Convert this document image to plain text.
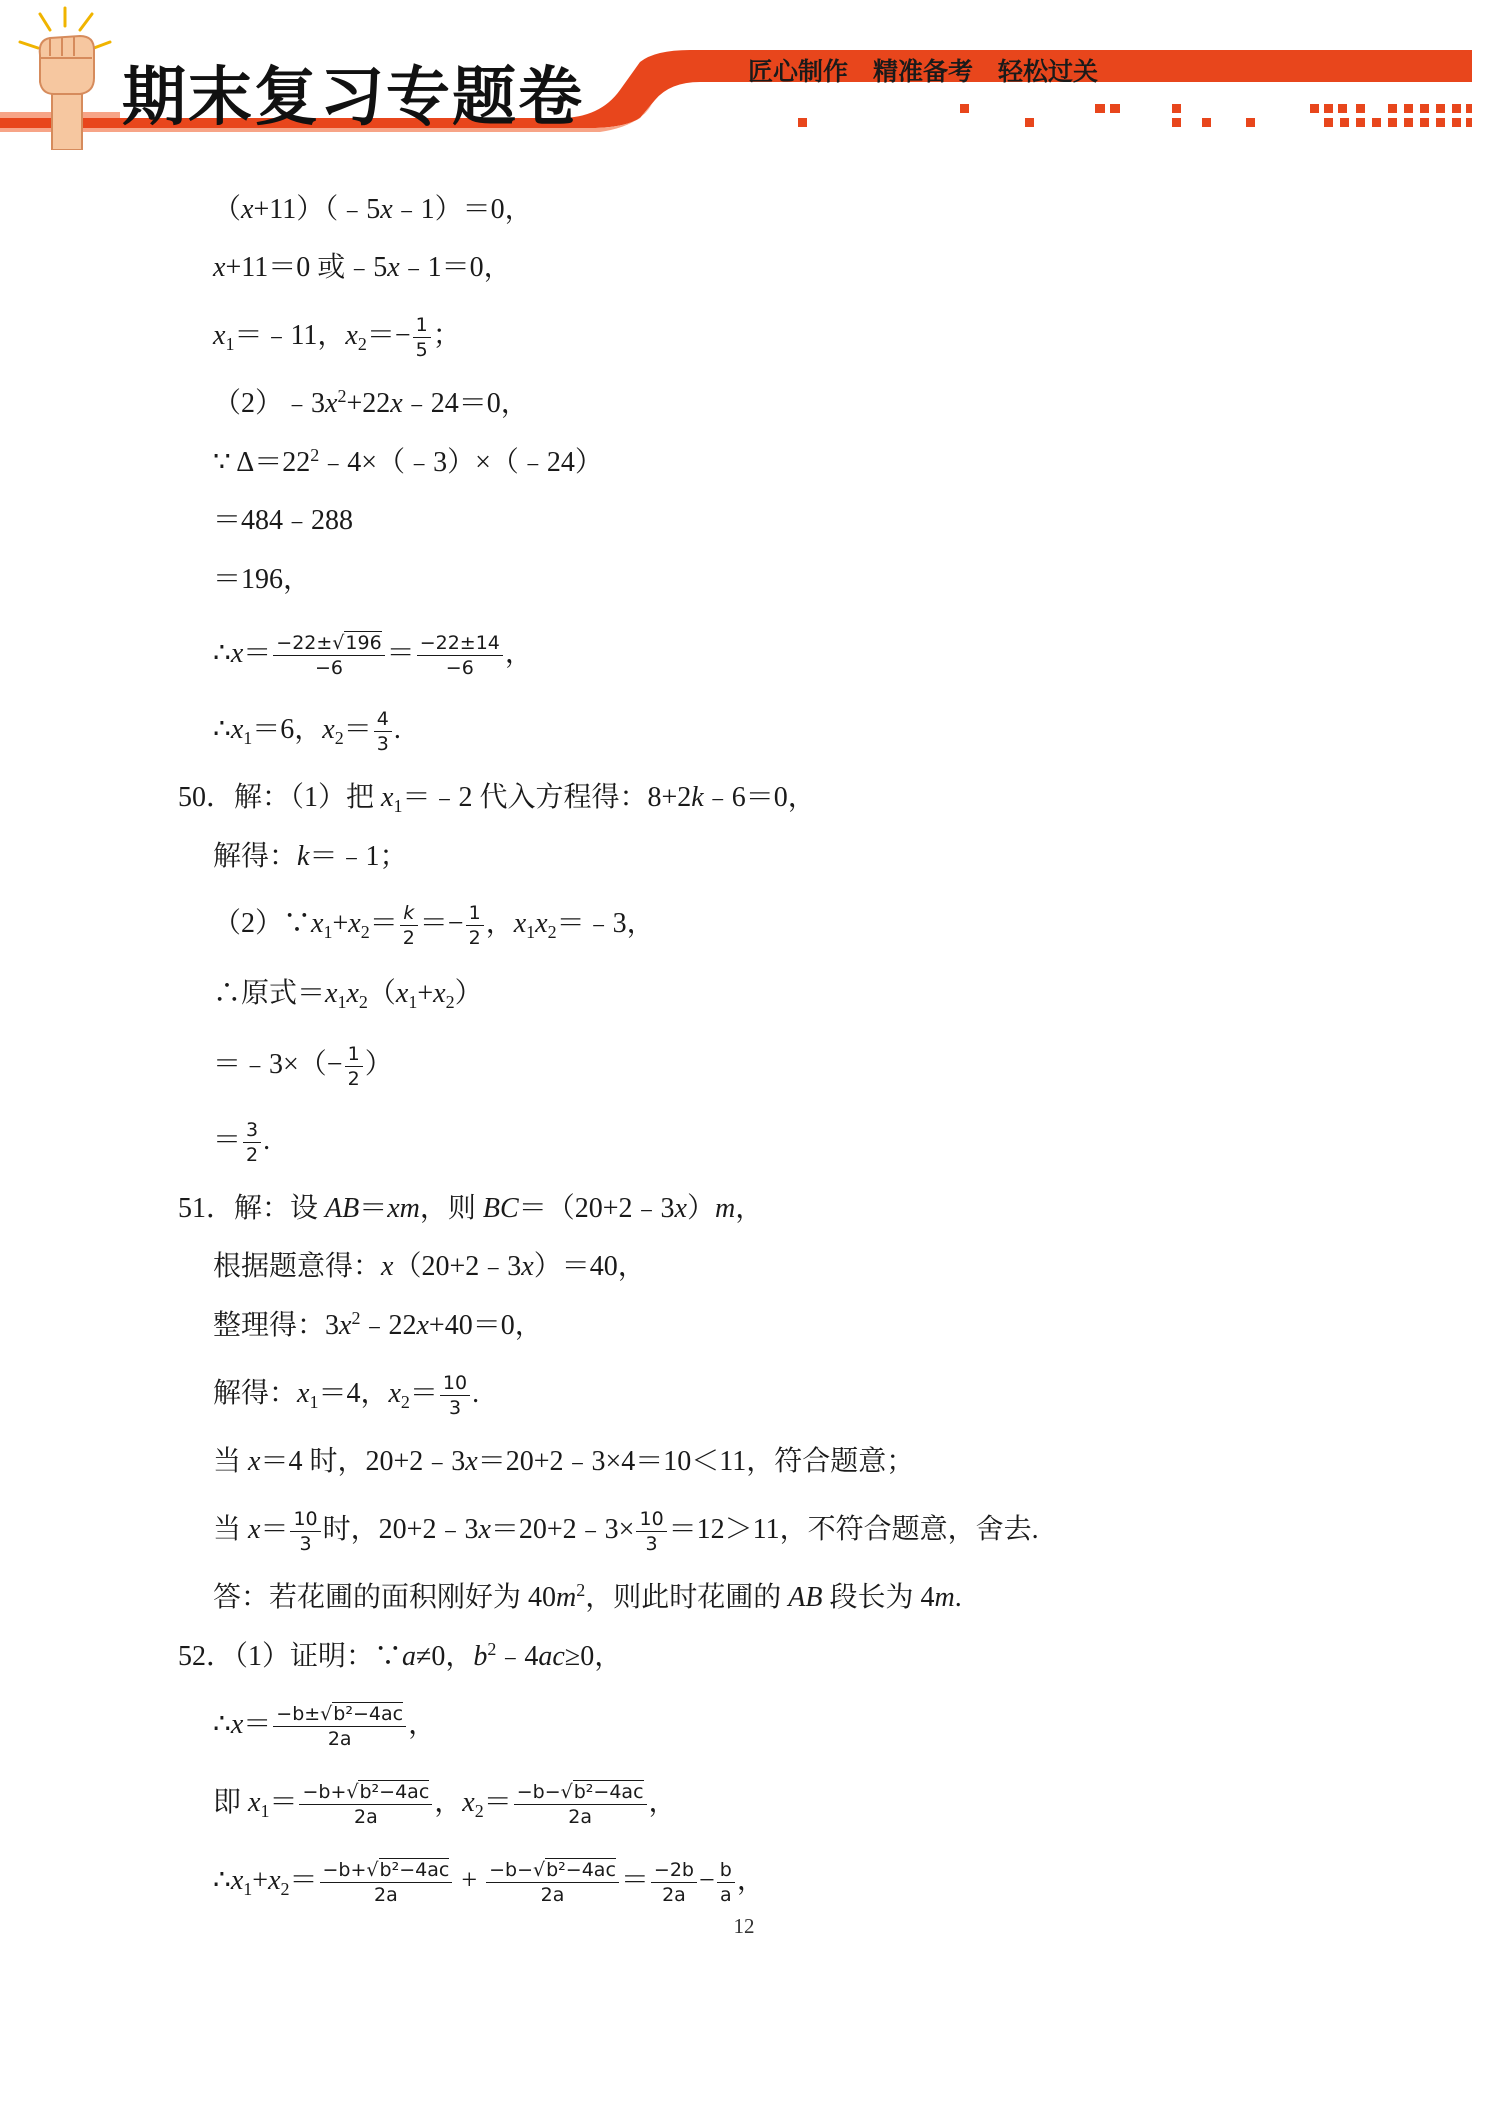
期末复习专题卷	匠心制作　精准备考　轻松过关
（x+11）（﹣5x﹣1）＝0，
x+11＝0 或﹣5x﹣1＝0，
$x_1=﹣11$，$x_2=- \frac{1}{5}$ ；
$(2)﹣3x^2+22x﹣24=0$，
∵ $\Delta=22^2﹣4\times(﹣3)\times(﹣24)$
＝484﹣288
＝196，
∴x＝ $\frac{-22\pm√196}{-6} = \frac{-22\pm 14}{-6}$ ，
$\therefore x_1=6$，$x_2= \frac{4}{3}$ .
50．解：（1）把 $x_1=﹣2$ 代入方程得：8+2k﹣6＝0，
解得：k＝﹣1；
$(2)\because x_1+x_2= \frac{k}{2} =- \frac{1}{2}$ ，$x_1x_2=﹣3$，
∴原式$=x_1x_2(x_1+x_2)$
＝﹣3×（− $\frac{1}{2}$ ）
＝ $\frac{3}{2}$ .
51．解：设 AB＝xm，则 BC＝（20+2﹣3x）m，
根据题意得：x（20+2﹣3x）＝40，
整理得：$3x^2﹣22x+40=0$，
解得：$x_1=4$，$x_2= \frac{10}{3}$ .
当 x＝4 时，20+2﹣3x＝20+2﹣3×4＝10＜11，符合题意；
当 $x= \frac{10}{3}$ 时，20+2﹣3x＝20+2﹣3× $\frac{10}{3} =12>11$，不符合题意，舍去.
答：若花圃的面积刚好为 $40m^2$，则此时花圃的 AB 段长为 4m.
52．（1）证明：∵a≠0，$b^2﹣4ac\ge 0$，
∴x＝ $\frac{\text{−b±√b²−4ac}}{2a}$ ，
即 $x_1= \frac{\text{−b+√b²−4ac}}{2a}$ ，$x_2= \frac{\text{−b−√b²−4ac}}{2a}$ ，
$\therefore x_1+x_2= \frac{\text{−b+√b²−4ac}}{2a} + \frac{\text{−b−√b²−4ac}}{2a} = \frac{-2b}{2a} - \frac{b}{a}$ ，
12
